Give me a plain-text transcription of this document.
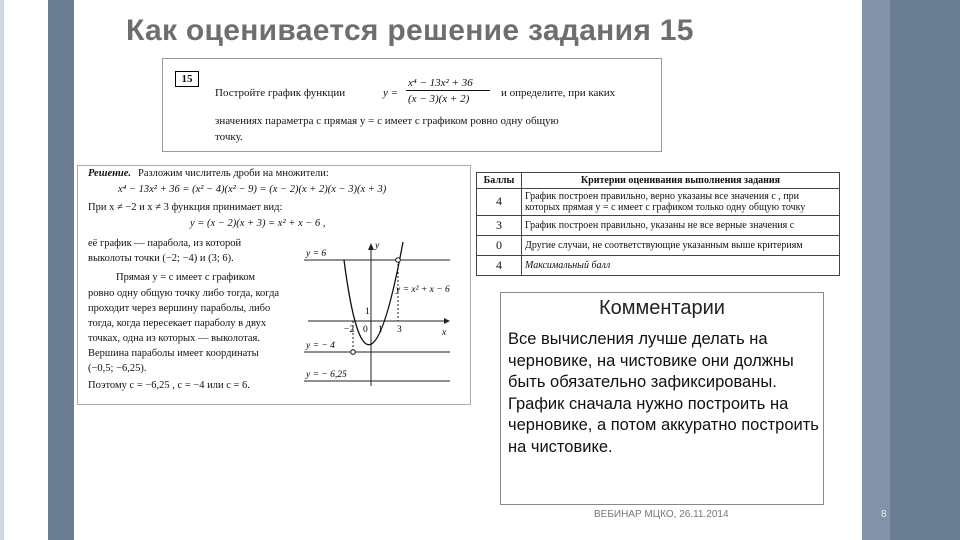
Как оценивается решение задания 15
15
Постройте график функции	y =
x⁴ − 13x² + 36
(x − 3)(x + 2)	и определите, при каких
значениях параметра c прямая y = c имеет с графиком ровно одну общую
точку.
Решение. Разложим числитель дроби на множители:
x⁴ − 13x² + 36 = (x² − 4)(x² − 9) = (x − 2)(x + 2)(x − 3)(x + 3)
При x ≠ −2 и x ≠ 3 функция принимает вид:
y = (x − 2)(x + 3) = x² + x − 6 ,
её график — парабола, из которой
выколоты точки (−2; −4) и (3; 6).
Прямая y = c имеет с графиком
ровно одну общую точку либо тогда, когда
проходит через вершину параболы, либо
тогда, когда пересекает параболу в двух
точках, одна из которых — выколотая.
Вершина параболы имеет координаты
(−0,5; −6,25).
Поэтому c = −6,25 , c = −4 или c = 6.
y = 6
y = − 4
y = − 6,25
y = x² + x − 6
y
x
−2 0 1 3
1
Баллы	Критерии оценивания выполнения задания
4	График построен правильно, верно указаны все значения c , при
которых прямая y = c имеет с графиком только одну общую точку

3	График построен правильно, указаны не все верные значения c
0	Другие случаи, не соответствующие указанным выше критериям
4	Максимальный балл
Комментарии
Все вычисления лучше делать на черновике, на чистовике они должны быть обязательно зафиксированы. График сначала нужно построить на черновике, а потом аккуратно построить на чистовике.
ВЕБИНАР МЦКО, 26.11.2014	8
